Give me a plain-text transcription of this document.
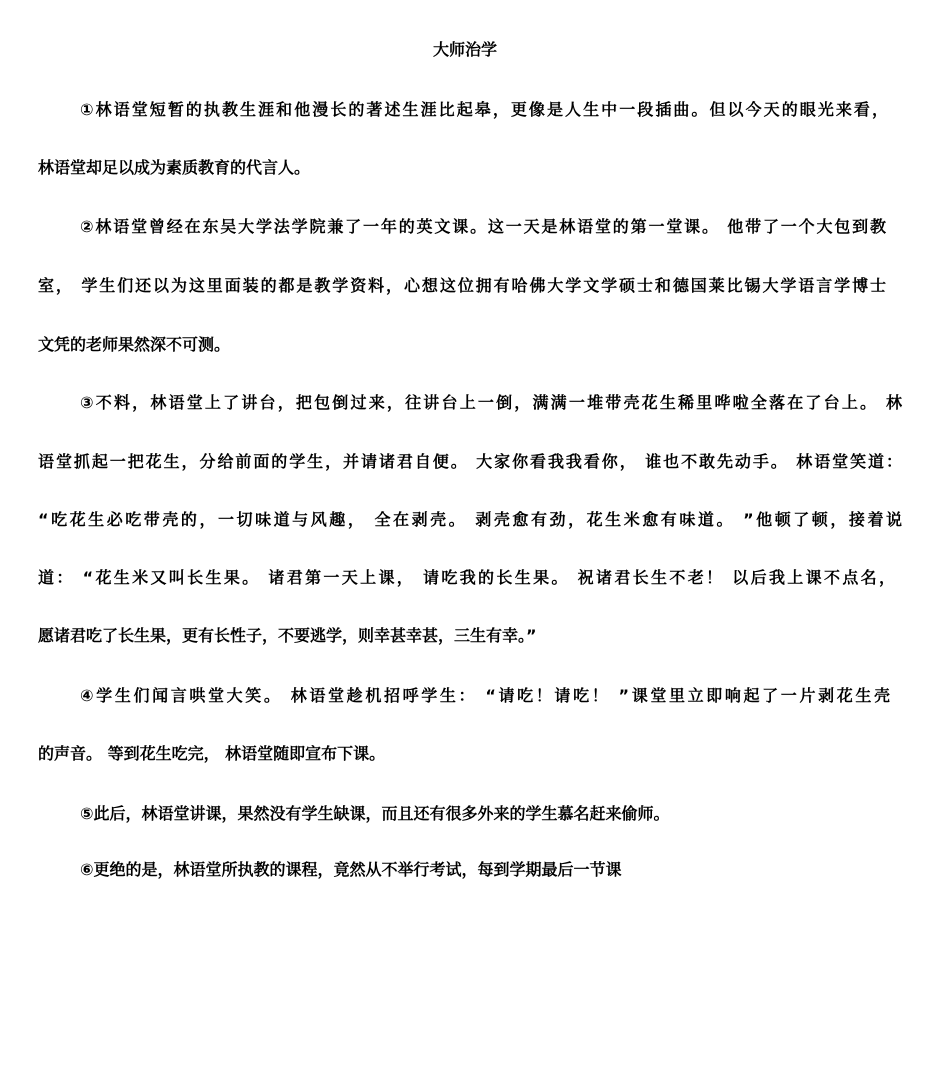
大师治学

①林语堂短暂的执教生涯和他漫长的著述生涯比起皋，更像是人生中一段插曲。但以今天的眼光来看，

林语堂却足以成为素质教育的代言人。

②林语堂曾经在东吴大学法学院兼了一年的英文课。这一天是林语堂的第一堂课。 他带了一个大包到教

室， 学生们还以为这里面装的都是教学资料，心想这位拥有哈佛大学文学硕士和德国莱比锡大学语言学博士

文凭的老师果然深不可测。

③不料，林语堂上了讲台，把包倒过来，往讲台上一倒，满满一堆带壳花生稀里哗啦全落在了台上。 林

语堂抓起一把花生，分给前面的学生，并请诸君自便。 大家你看我我看你， 谁也不敢先动手。 林语堂笑道：

“吃花生必吃带壳的，一切味道与风趣， 全在剥壳。 剥壳愈有劲，花生米愈有味道。 ”他顿了顿，接着说

道： “花生米又叫长生果。 诸君第一天上课， 请吃我的长生果。 祝诸君长生不老！ 以后我上课不点名，

愿诸君吃了长生果，更有长性子，不要逃学，则幸甚幸甚，三生有幸。”

④学生们闻言哄堂大笑。 林语堂趁机招呼学生： “请吃！请吃！ ”课堂里立即响起了一片剥花生壳

的声音。 等到花生吃完， 林语堂随即宣布下课。

⑤此后，林语堂讲课，果然没有学生缺课，而且还有很多外来的学生慕名赶来偷师。

⑥更绝的是，林语堂所执教的课程，竟然从不举行考试，每到学期最后一节课
